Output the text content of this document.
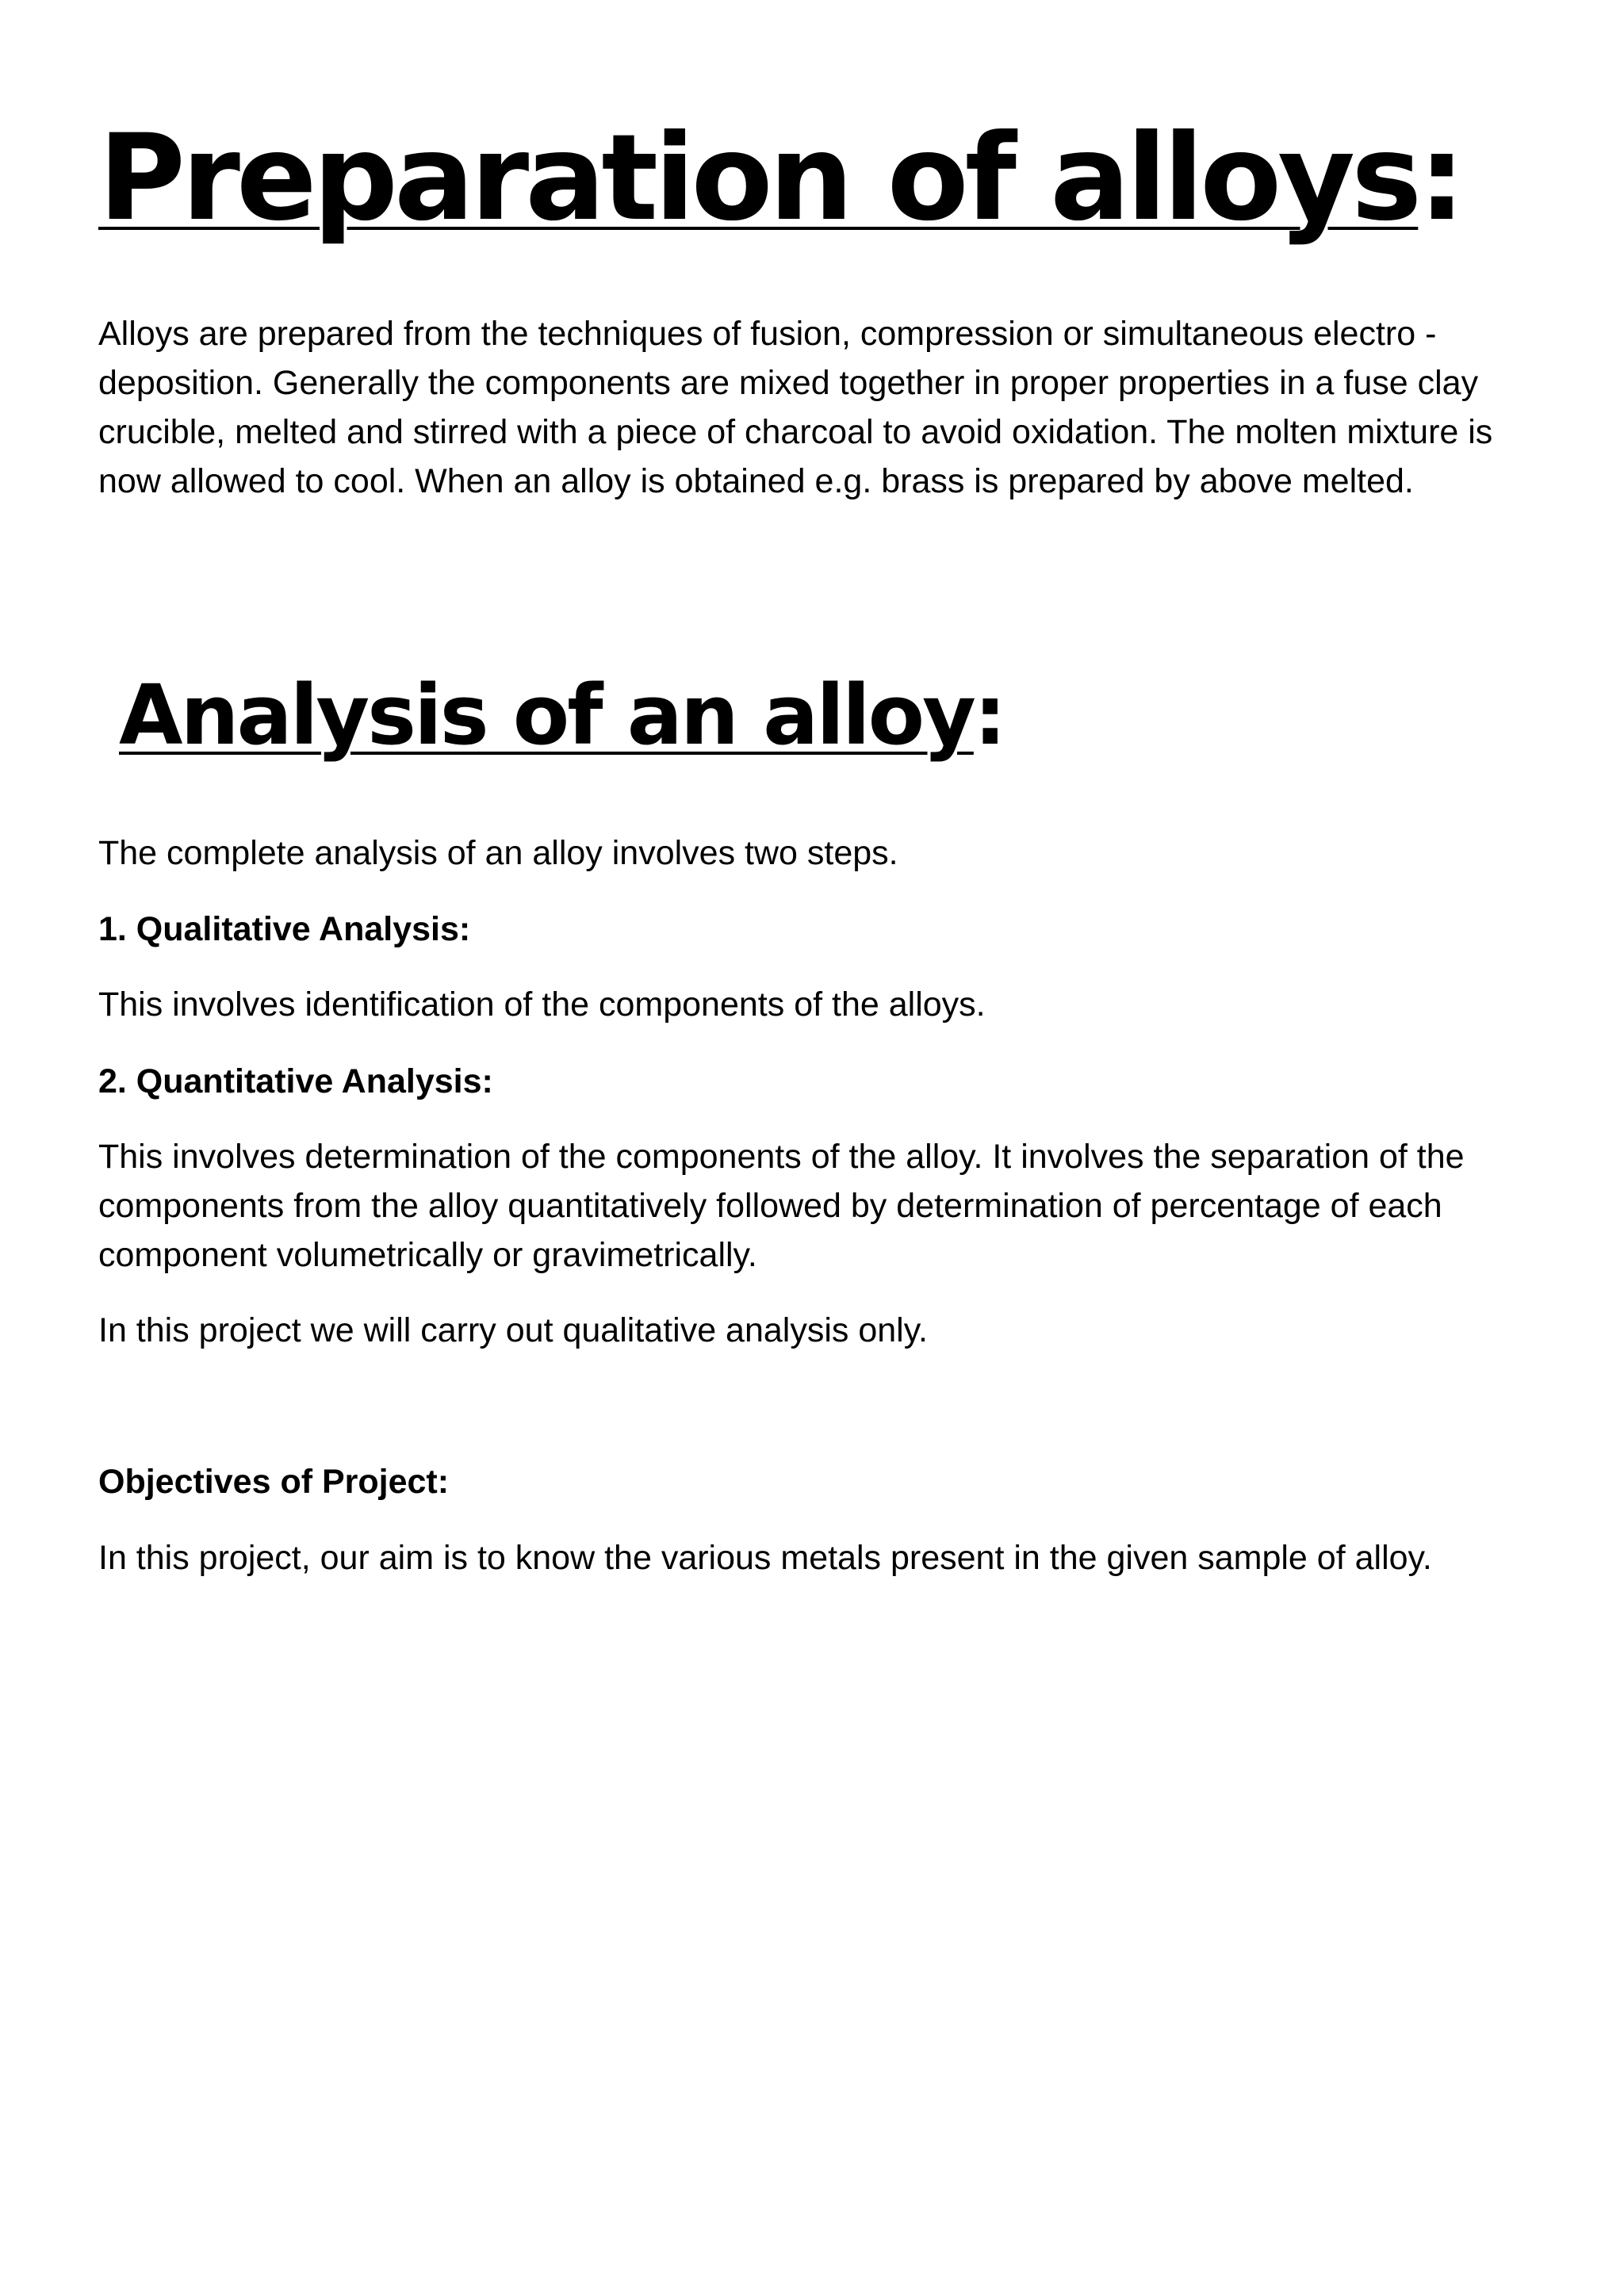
Preparation of alloys:

Alloys are prepared from the techniques of fusion, compression or simultaneous electro - deposition. Generally the components are mixed together in proper properties in a fuse clay crucible, melted and stirred with a piece of charcoal to avoid oxidation. The molten mixture is now allowed to cool. When an alloy is obtained e.g. brass is prepared by above melted.

Analysis of an alloy:

The complete analysis of an alloy involves two steps.

1. Qualitative Analysis:

This involves identification of the components of the alloys.

2. Quantitative Analysis:

This involves determination of the components of the alloy. It involves the separation of the components from the alloy quantitatively followed by determination of percentage of each component volumetrically or gravimetrically.

In this project we will carry out qualitative analysis only.

Objectives of Project:

In this project, our aim is to know the various metals present in the given sample of alloy.
